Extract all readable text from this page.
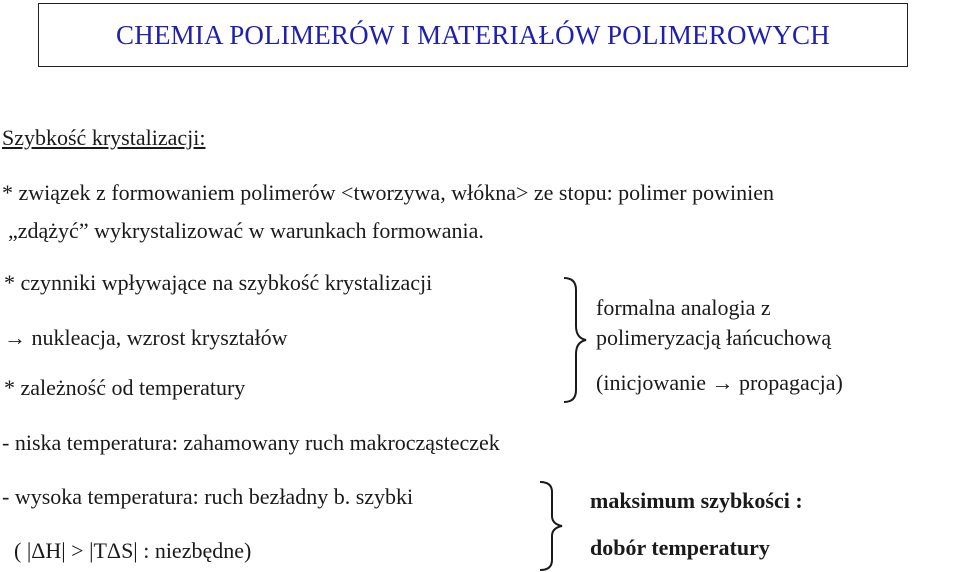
CHEMIA POLIMERÓW I MATERIAŁÓW POLIMEROWYCH
Szybkość krystalizacji:
* związek z formowaniem polimerów <tworzywa, włókna> ze stopu: polimer powinien
„zdążyć” wykrystalizować w warunkach formowania.
* czynniki wpływające na szybkość krystalizacji
→ nukleacja, wzrost kryształów
* zależność od temperatury
formalna analogia z
polimeryzacją łańcuchową
(inicjowanie → propagacja)
- niska temperatura: zahamowany ruch makrocząsteczek
- wysoka temperatura: ruch bezładny b. szybki
( |ΔH| > |TΔS| : niezbędne)
maksimum szybkości :
dobór temperatury
